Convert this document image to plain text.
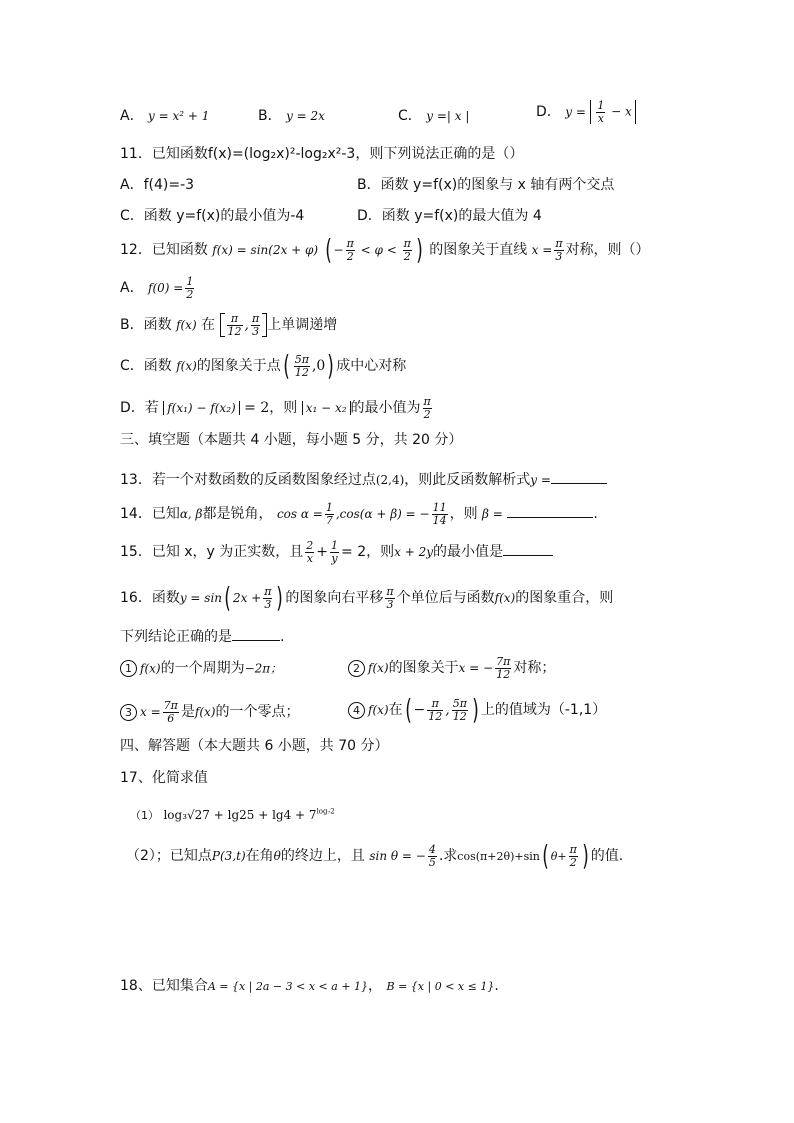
A． y = x² + 1	B． y = 2x	C． y =| x |	D． $y = \frac{1}{x} - x$
11．已知函数f(x)=(log₂x)²-log₂x²-3，则下列说法正确的是（）
A．f(4)=-3	B．函数 y=f(x)的图象与 x 轴有两个交点
C．函数 y=f(x)的最小值为-4	D．函数 y=f(x)的最大值为 4
12．已知函数 f(x) = sin(2x + φ) ( − $\frac{\pi}{2} < \varphi < \frac{\pi}{2}$ ) 的图象关于直线 $x = \frac{\pi}{3}$ 对称，则（）
A． $f(0) = \frac{1}{2}$
B．函数 f(x) 在 $\frac{\pi}{12}$ , $\frac{\pi}{3}$ 上单调递增
C．函数 f(x)的图象关于点( $\frac{5\pi}{12} ,0$) 成中心对称
D．若 f(x₁) − f(x₂) = 2，则 x₁ − x₂ 的最小值为 $\frac{\pi}{2}$
三、填空题（本题共 4 小题，每小题 5 分，共 20 分）
13．若一个对数函数的反函数图象经过点(2,4)，则此反函数解析式y =
14．已知α, β都是锐角， $\cos \alpha = \frac{1}{7} ,\cos(\alpha + \beta)$ = − $\frac{11}{14}$ ，则 β =	.
15．已知 x，y 为正实数，且 $\frac{2}{x} + \frac{1}{y} = 2$，则x + 2y的最小值是
16．函数y = sin( $2x + \frac{\pi}{3}$ ) 的图象向右平移 $\frac{\pi}{3}$ 个单位后与函数f(x)的图象重合，则
下列结论正确的是	.
1 f(x)的一个周期为−2π；	2 f(x)的图象关于x = − $\frac{7\pi}{12}$ 对称；
3 $x = \frac{7\pi}{6}$ 是f(x)的一个零点；	4 f(x)在( − $\frac{\pi}{12}$ , $\frac{5\pi}{12}$ ) 上的值域为（-1,1）
四、解答题（本大题共 6 小题，共 70 分）
17、化简求值
（1） $\log_3√27 + \lg 25 + \lg 4 + 7^{log_72}$
（2）；已知点P(3,t)在角θ的终边上，且 sin θ = − $\frac{4}{5}$ .求cos(π+2θ)+sin( $\theta+ \frac{\pi}{2}$ ) 的值.
18、已知集合A = {x | 2a − 3 < x < a + 1}， B = {x | 0 < x ≤ 1}.
